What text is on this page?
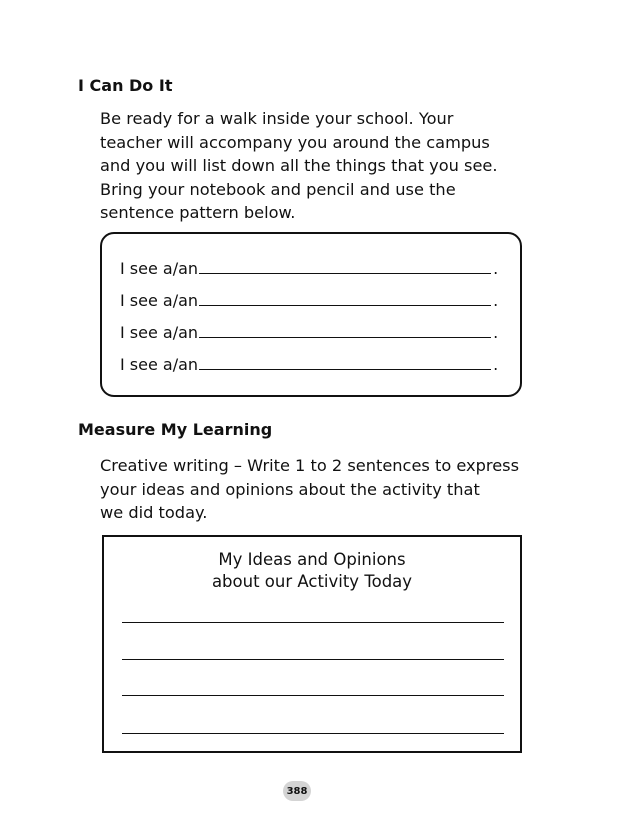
I Can Do It
Be ready for a walk inside your school. Your
teacher will accompany you around the campus
and you will list down all the things that you see.
Bring your notebook and pencil and use the
sentence pattern below.
I see a/an	.
I see a/an	.
I see a/an	.
I see a/an	.
Measure My Learning
Creative writing – Write 1 to 2 sentences to express
your ideas and opinions about the activity that
we did today.
My Ideas and Opinions
about our Activity Today
388
